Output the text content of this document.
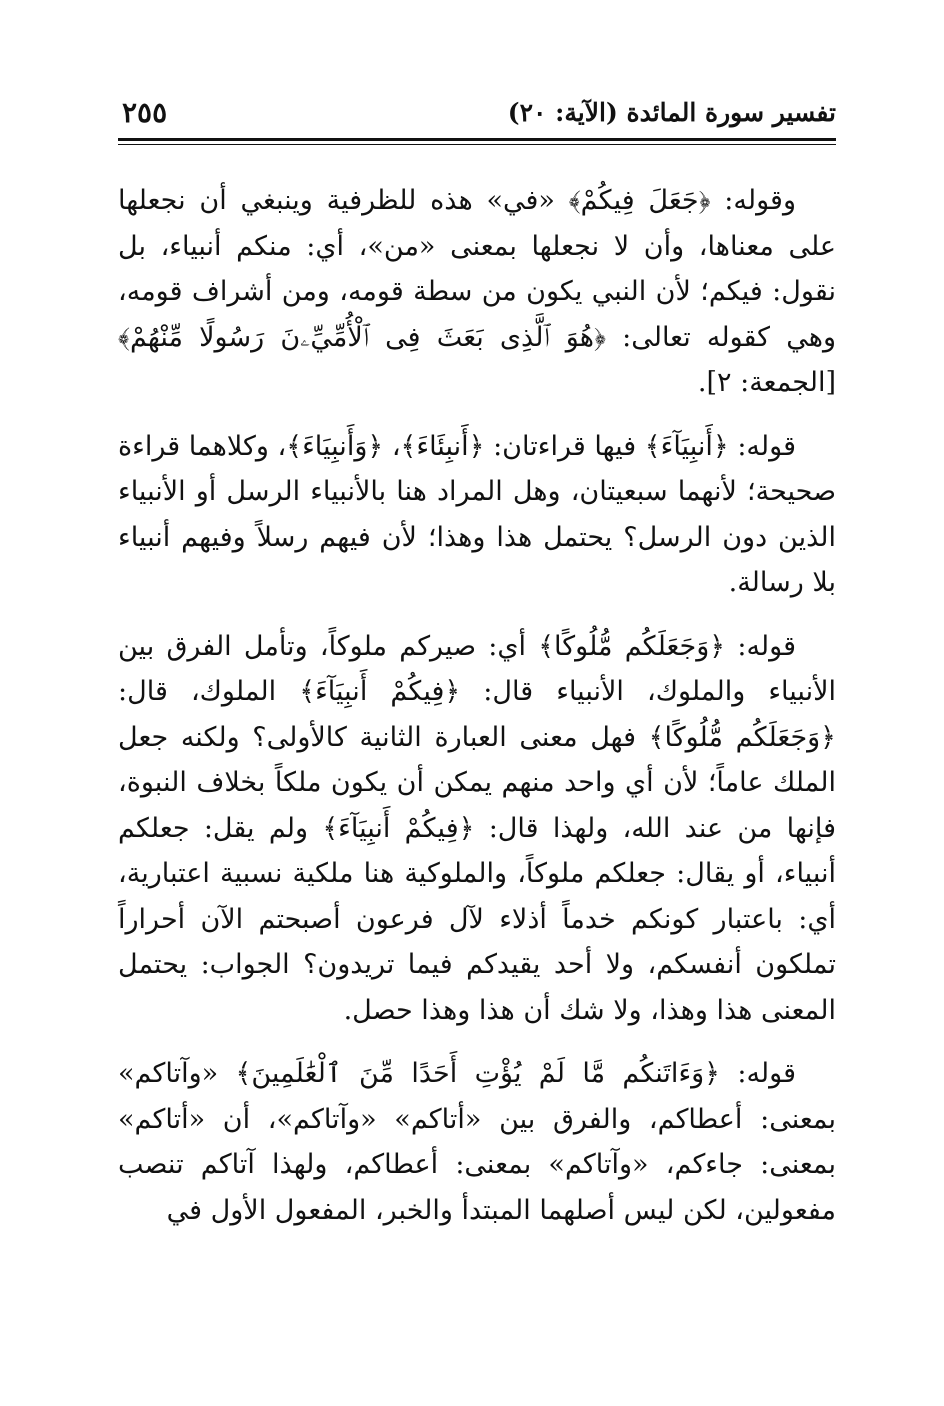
تفسير سورة المائدة (الآية: ٢٠)
٢٥٥

وقوله: ﴿جَعَلَ فِيكُمْ﴾ «في» هذه للظرفية وينبغي أن نجعلها على معناها، وأن لا نجعلها بمعنى «من»، أي: منكم أنبياء، بل نقول: فيكم؛ لأن النبي يكون من سطة قومه، ومن أشراف قومه، وهي كقوله تعالى: ﴿هُوَ ٱلَّذِى بَعَثَ فِى ٱلْأُمِّيِّۦنَ رَسُولًا مِّنْهُمْ﴾ [الجمعة: ٢].

قوله: ﴿أَنبِيَآءَ﴾ فيها قراءتان: ﴿أَنبِئَاءَ﴾، ﴿وَأَنبِيَاءَ﴾، وكلاهما قراءة صحيحة؛ لأنهما سبعيتان، وهل المراد هنا بالأنبياء الرسل أو الأنبياء الذين دون الرسل؟ يحتمل هذا وهذا؛ لأن فيهم رسلاً وفيهم أنبياء بلا رسالة.

قوله: ﴿وَجَعَلَكُم مُّلُوكًا﴾ أي: صيركم ملوكاً، وتأمل الفرق بين الأنبياء والملوك، الأنبياء قال: ﴿فِيكُمْ أَنبِيَآءَ﴾ الملوك، قال: ﴿وَجَعَلَكُم مُّلُوكًا﴾ فهل معنى العبارة الثانية كالأولى؟ ولكنه جعل الملك عاماً؛ لأن أي واحد منهم يمكن أن يكون ملكاً بخلاف النبوة، فإنها من عند الله، ولهذا قال: ﴿فِيكُمْ أَنبِيَآءَ﴾ ولم يقل: جعلكم أنبياء، أو يقال: جعلكم ملوكاً، والملوكية هنا ملكية نسبية اعتبارية، أي: باعتبار كونكم خدماً أذلاء لآل فرعون أصبحتم الآن أحراراً تملكون أنفسكم، ولا أحد يقيدكم فيما تريدون؟ الجواب: يحتمل المعنى هذا وهذا، ولا شك أن هذا وهذا حصل.

قوله: ﴿وَءَاتَنكُم مَّا لَمْ يُؤْتِ أَحَدًا مِّنَ ٱلْعَٰلَمِينَ﴾ «وآتاكم» بمعنى: أعطاكم، والفرق بين «أتاكم» «وآتاكم»، أن «أتاكم» بمعنى: جاءكم، «وآتاكم» بمعنى: أعطاكم، ولهذا آتاكم تنصب مفعولين، لكن ليس أصلهما المبتدأ والخبر، المفعول الأول في
